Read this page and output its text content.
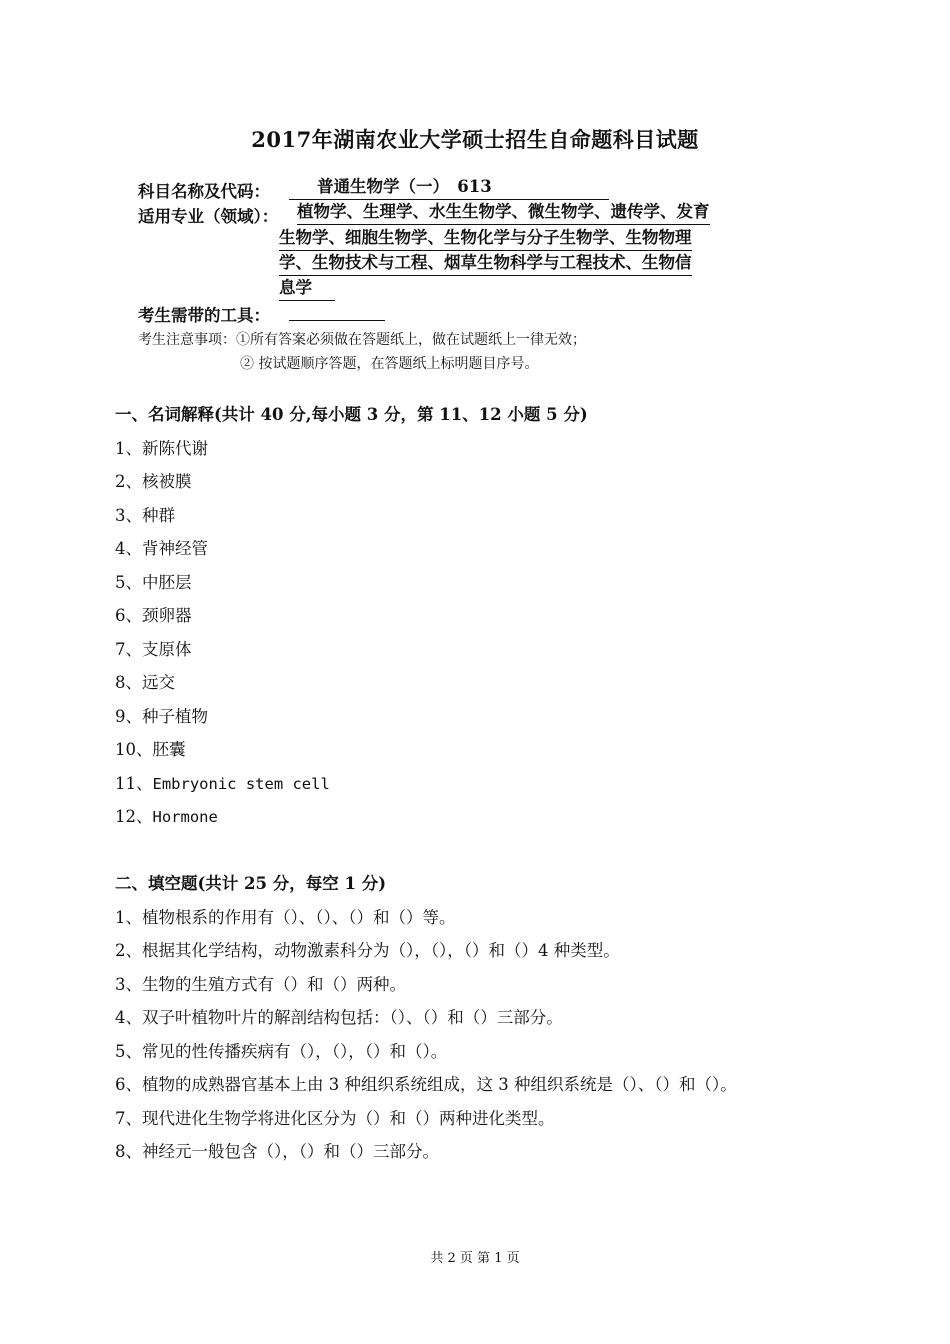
2017年湖南农业大学硕士招生自命题科目试题
科目名称及代码：	普通生物学（一）　613
适用专业（领域）： 植物学、生理学、水生生物学、微生物学、遗传学、发育
生物学、细胞生物学、生物化学与分子生物学、生物物理
学、生物技术与工程、烟草生物科学与工程技术、生物信
息学
考生需带的工具：
考生注意事项：①所有答案必须做在答题纸上，做在试题纸上一律无效；
② 按试题顺序答题，在答题纸上标明题目序号。
一、名词解释(共计 40 分,每小题 3 分，第 11、12 小题 5 分)
1、新陈代谢
2、核被膜
3、种群
4、背神经管
5、中胚层
6、颈卵器
7、支原体
8、远交
9、种子植物
10、胚囊
11、Embryonic stem cell
12、Hormone
二、填空题(共计 25 分，每空 1 分)
1、植物根系的作用有（）、（）、（）和（）等。
2、根据其化学结构，动物激素科分为（），（），（）和（）4 种类型。
3、生物的生殖方式有（）和（）两种。
4、双子叶植物叶片的解剖结构包括：（）、（）和（）三部分。
5、常见的性传播疾病有（），（），（）和（）。
6、植物的成熟器官基本上由 3 种组织系统组成，这 3 种组织系统是（）、（）和（）。
7、现代进化生物学将进化区分为（）和（）两种进化类型。
8、神经元一般包含（），（）和（）三部分。
共 2 页 第 1 页
